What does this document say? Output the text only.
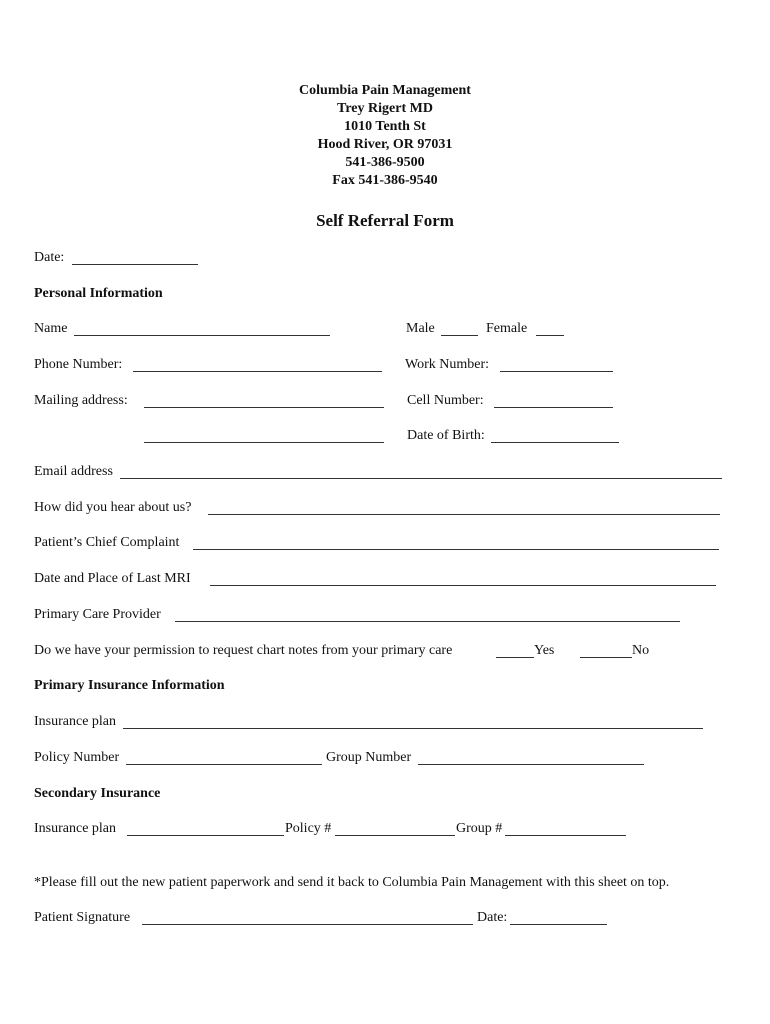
Columbia Pain Management
Trey Rigert MD
1010 Tenth St
Hood River, OR 97031
541-386-9500
Fax 541-386-9540
Self Referral Form
Date:
Personal Information
Name	Male	Female
Phone Number:	Work Number:
Mailing address:	Cell Number:
Date of Birth:
Email address
How did you hear about us?
Patient’s Chief Complaint
Date and Place of Last MRI
Primary Care Provider
Do we have your permission to request chart notes from your primary care	Yes	No
Primary Insurance Information
Insurance plan
Policy Number	Group Number
Secondary Insurance
Insurance plan	Policy #	Group #
*Please fill out the new patient paperwork and send it back to Columbia Pain Management with this sheet on top.
Patient Signature	Date:
